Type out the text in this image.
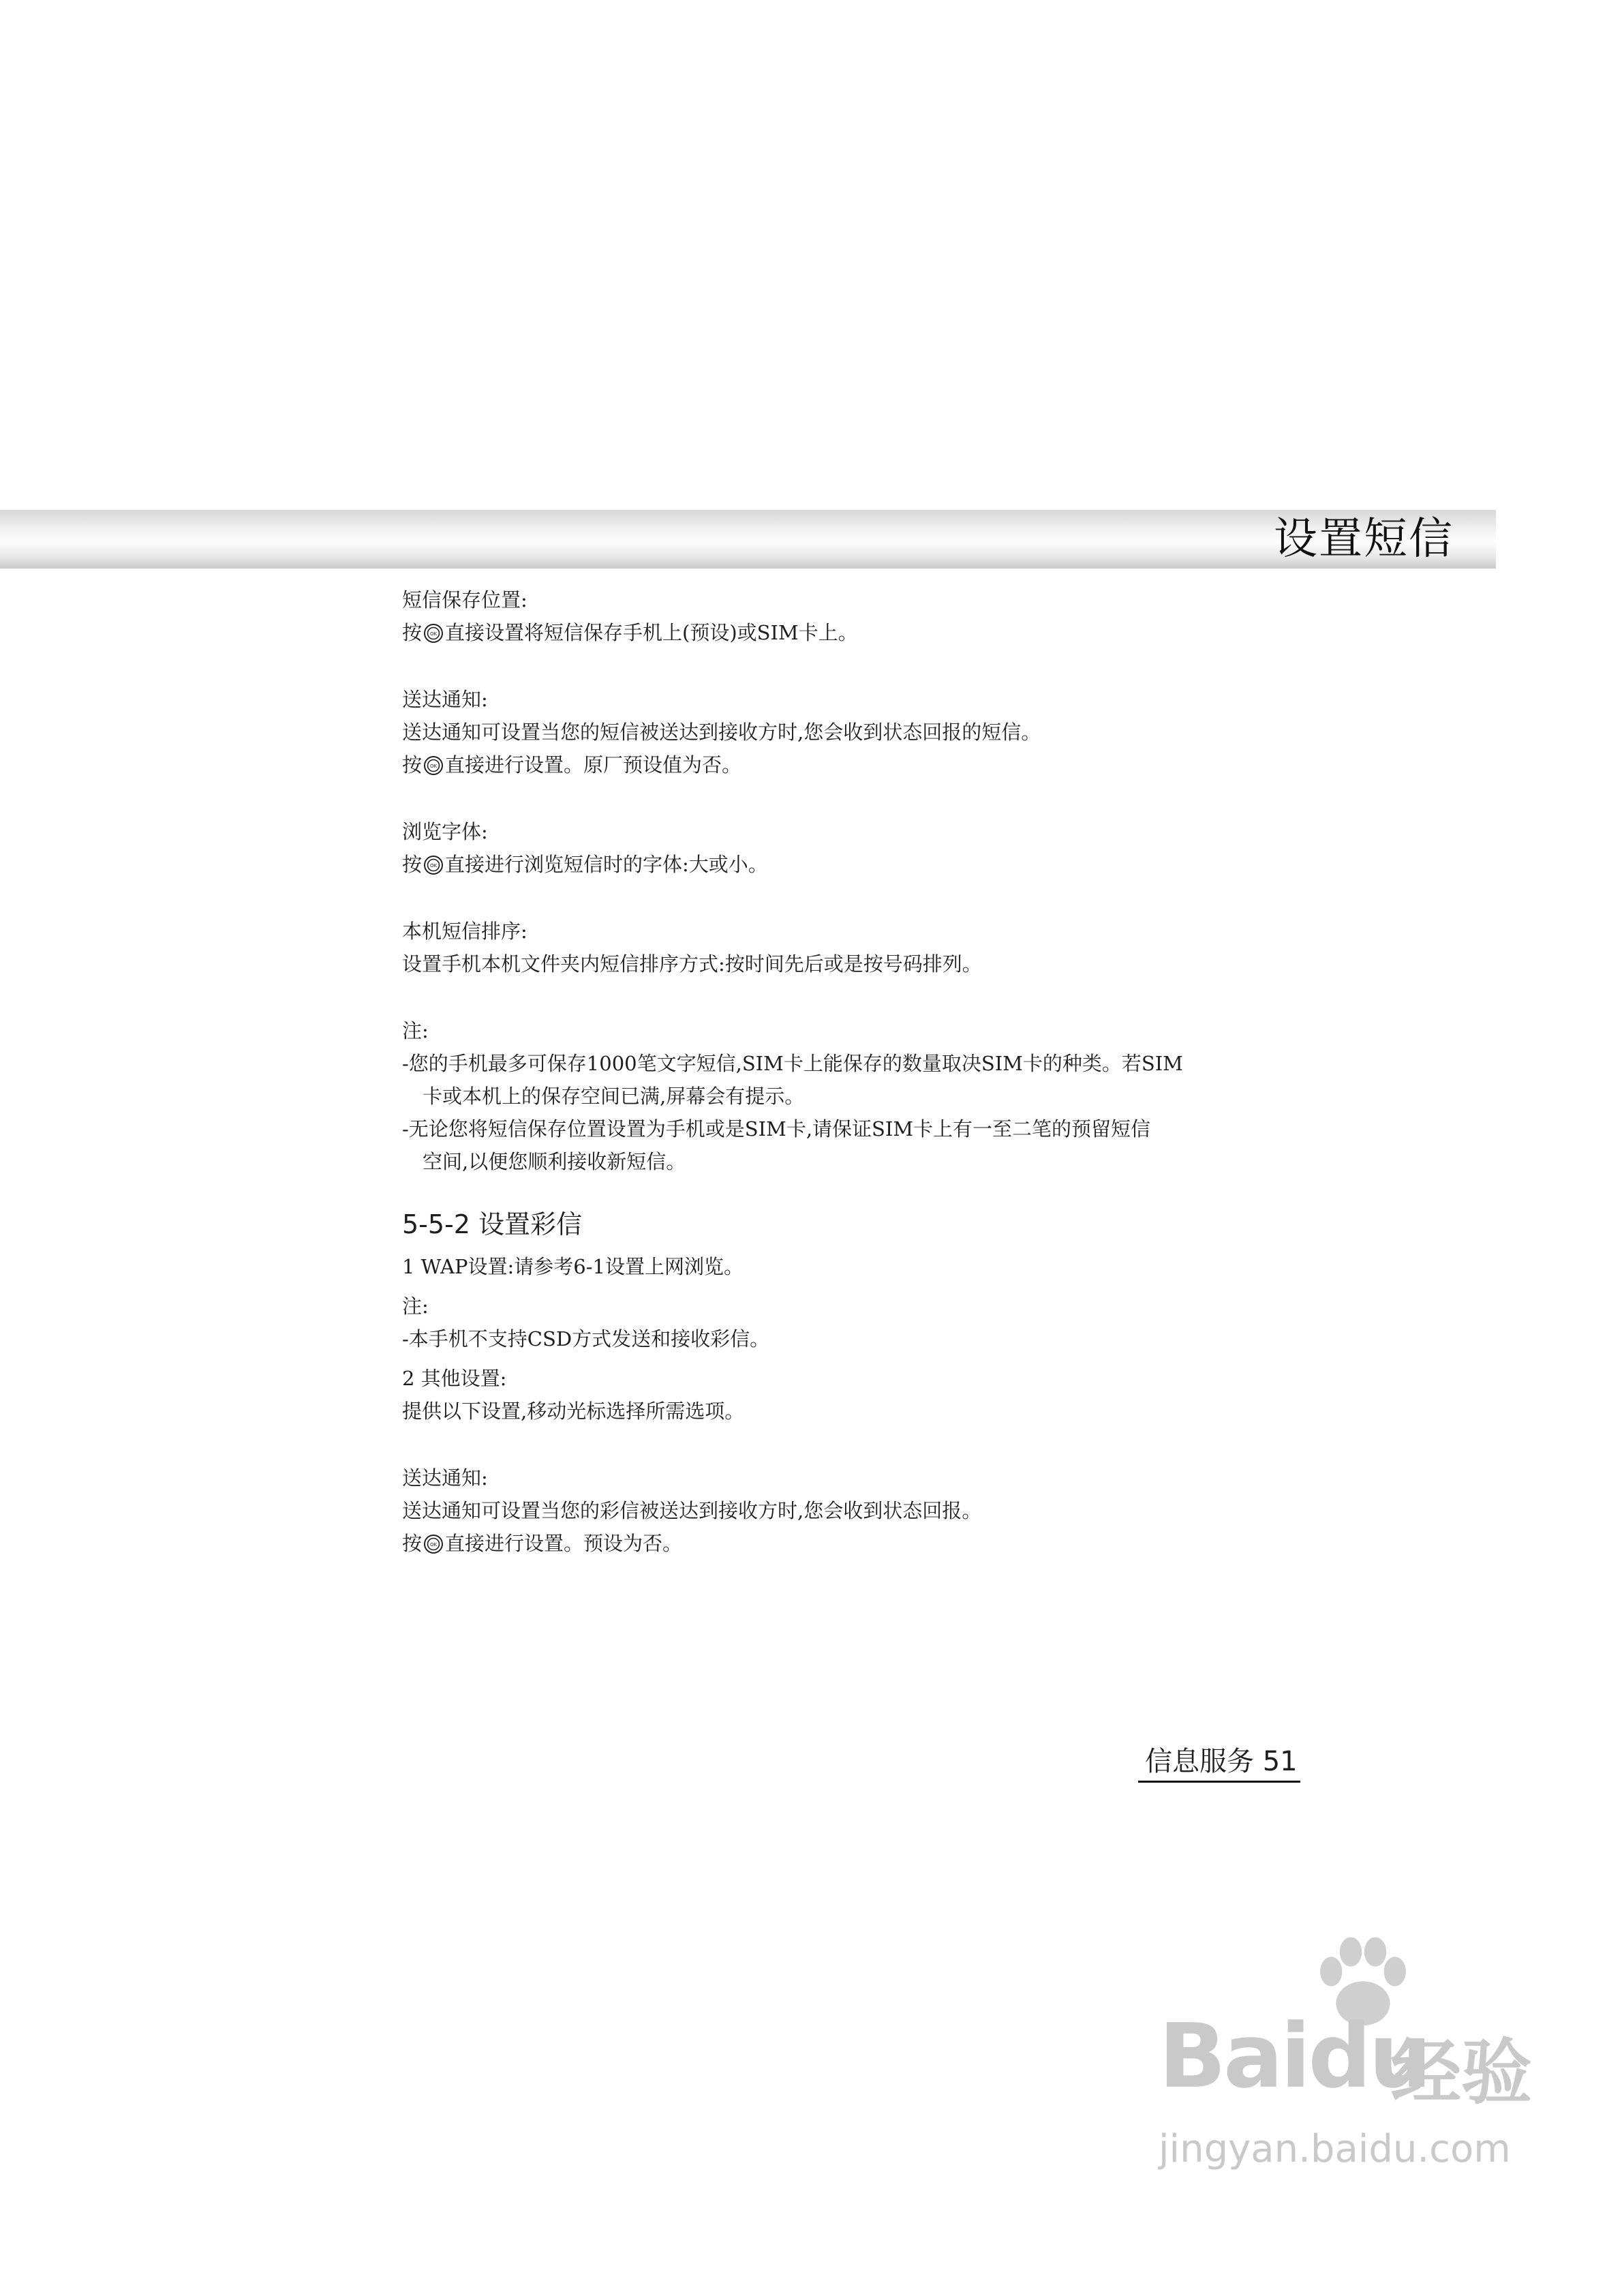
设置短信
短信保存位置:
按 OK 直接设置将短信保存手机上(预设)或SIM卡上。
送达通知:
送达通知可设置当您的短信被送达到接收方时,您会收到状态回报的短信。
按 OK 直接进行设置。原厂预设值为否。
浏览字体:
按 OK 直接进行浏览短信时的字体:大或小。
本机短信排序:
设置手机本机文件夹内短信排序方式:按时间先后或是按号码排列。
注:
-您的手机最多可保存1000笔文字短信,SIM卡上能保存的数量取决SIM卡的种类。若SIM
卡或本机上的保存空间已满,屏幕会有提示。
-无论您将短信保存位置设置为手机或是SIM卡,请保证SIM卡上有一至二笔的预留短信
空间,以便您顺利接收新短信。
5-5-2 设置彩信
1 WAP设置:请参考6-1设置上网浏览。
注:
-本手机不支持CSD方式发送和接收彩信。
2 其他设置:
提供以下设置,移动光标选择所需选项。
送达通知:
送达通知可设置当您的彩信被送达到接收方时,您会收到状态回报。
按 OK 直接进行设置。预设为否。
信息服务 51
Baidu
经验
jingyan.baidu.com
